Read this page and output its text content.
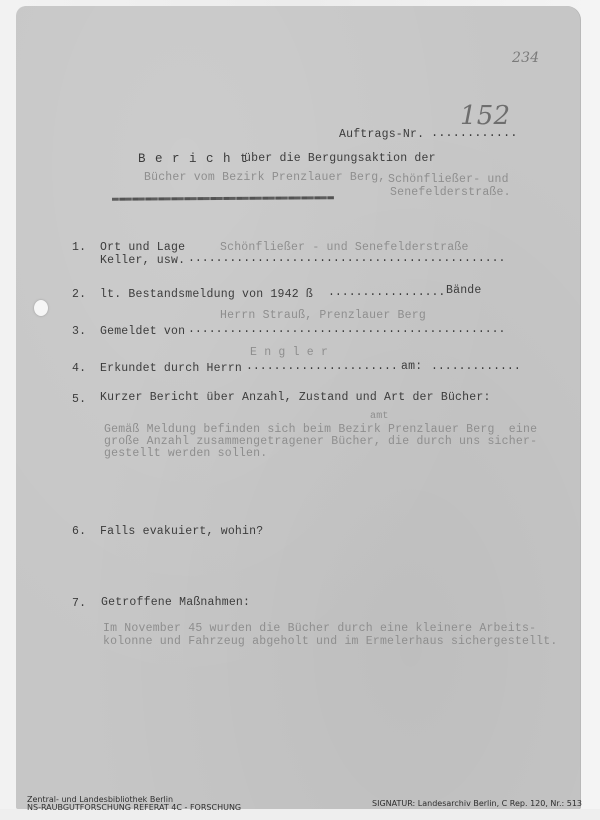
234
152
Auftrags-Nr. ............
B e r i c h t
über die Bergungsaktion der
Bücher vom Bezirk Prenzlauer Berg, Schönfließer- und
Senefelderstraße.
1. Ort und Lage	Schönfließer - und Senefelderstraße
Keller, usw. ..............................................
2. lt. Bestandsmeldung von 1942 ß ................. Bände
Herrn Strauß, Prenzlauer Berg
3. Gemeldet von ..............................................
E n g l e r
4. Erkundet durch Herrn ...................... am: .............
5. Kurzer Bericht über Anzahl, Zustand und Art der Bücher:
amt
Gemäß Meldung befinden sich beim Bezirk Prenzlauer Berg  eine
große Anzahl zusammengetragener Bücher, die durch uns sicher-
gestellt werden sollen.
6. Falls evakuiert, wohin?
7. Getroffene Maßnahmen:
Im November 45 wurden die Bücher durch eine kleinere Arbeits-
kolonne und Fahrzeug abgeholt und im Ermelerhaus sichergestellt.
Zentral- und Landesbibliothek Berlin
NS-RAUBGUTFORSCHUNG REFERAT 4C - FORSCHUNG	SIGNATUR: Landesarchiv Berlin, C Rep. 120, Nr.: 513
